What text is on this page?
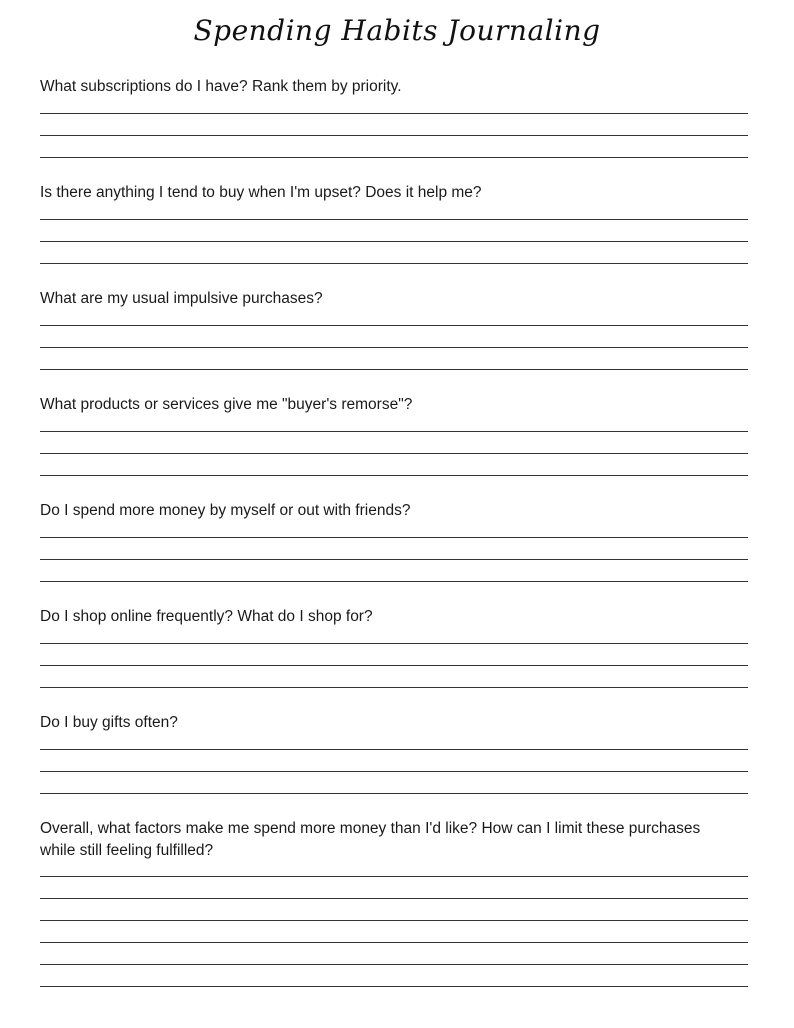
Spending Habits Journaling
What subscriptions do I have? Rank them by priority.
Is there anything I tend to buy when I'm upset? Does it help me?
What are my usual impulsive purchases?
What products or services give me "buyer's remorse"?
Do I spend more money by myself or out with friends?
Do I shop online frequently? What do I shop for?
Do I buy gifts often?
Overall, what factors make me spend more money than I'd like? How can I limit these purchases while still feeling fulfilled?
